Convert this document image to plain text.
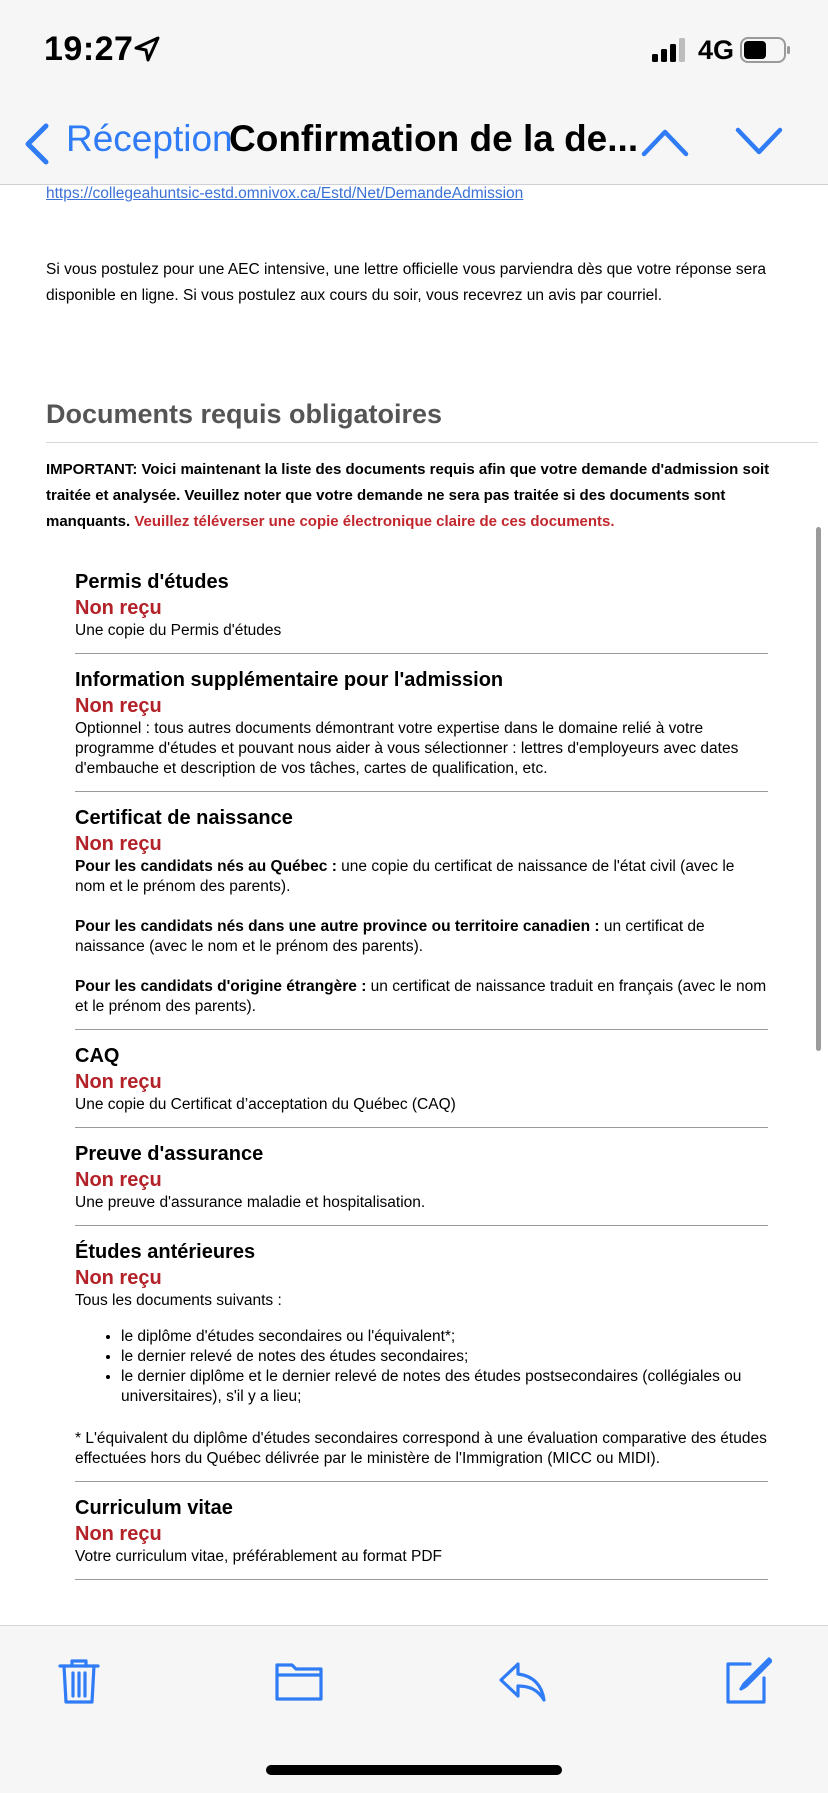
19:27	4G
Réception
Confirmation de la de...
https://collegeahuntsic-estd.omnivox.ca/Estd/Net/DemandeAdmission
Si vous postulez pour une AEC intensive, une lettre officielle vous parviendra dès que votre réponse sera disponible en ligne. Si vous postulez aux cours du soir, vous recevrez un avis par courriel.
Documents requis obligatoires
IMPORTANT: Voici maintenant la liste des documents requis afin que votre demande d'admission soit traitée et analysée. Veuillez noter que votre demande ne sera pas traitée si des documents sont manquants. Veuillez téléverser une copie électronique claire de ces documents.
Permis d'études
Non reçu
Une copie du Permis d'études
Information supplémentaire pour l'admission
Non reçu
Optionnel : tous autres documents démontrant votre expertise dans le domaine relié à votre programme d'études et pouvant nous aider à vous sélectionner : lettres d'employeurs avec dates d'embauche et description de vos tâches, cartes de qualification, etc.
Certificat de naissance
Non reçu

Pour les candidats nés au Québec : une copie du certificat de naissance de l'état civil (avec le nom et le prénom des parents).

Pour les candidats nés dans une autre province ou territoire canadien : un certificat de naissance (avec le nom et le prénom des parents).

Pour les candidats d'origine étrangère : un certificat de naissance traduit en français (avec le nom et le prénom des parents).

CAQ
Non reçu
Une copie du Certificat d’acceptation du Québec (CAQ)
Preuve d'assurance
Non reçu
Une preuve d'assurance maladie et hospitalisation.
Études antérieures
Non reçu
Tous les documents suivants :
• le diplôme d'études secondaires ou l'équivalent*;
• le dernier relevé de notes des études secondaires;
• le dernier diplôme et le dernier relevé de notes des études postsecondaires (collégiales ou universitaires), s'il y a lieu;
* L'équivalent du diplôme d'études secondaires correspond à une évaluation comparative des études effectuées hors du Québec délivrée par le ministère de l'Immigration (MICC ou MIDI).
Curriculum vitae
Non reçu
Votre curriculum vitae, préférablement au format PDF
